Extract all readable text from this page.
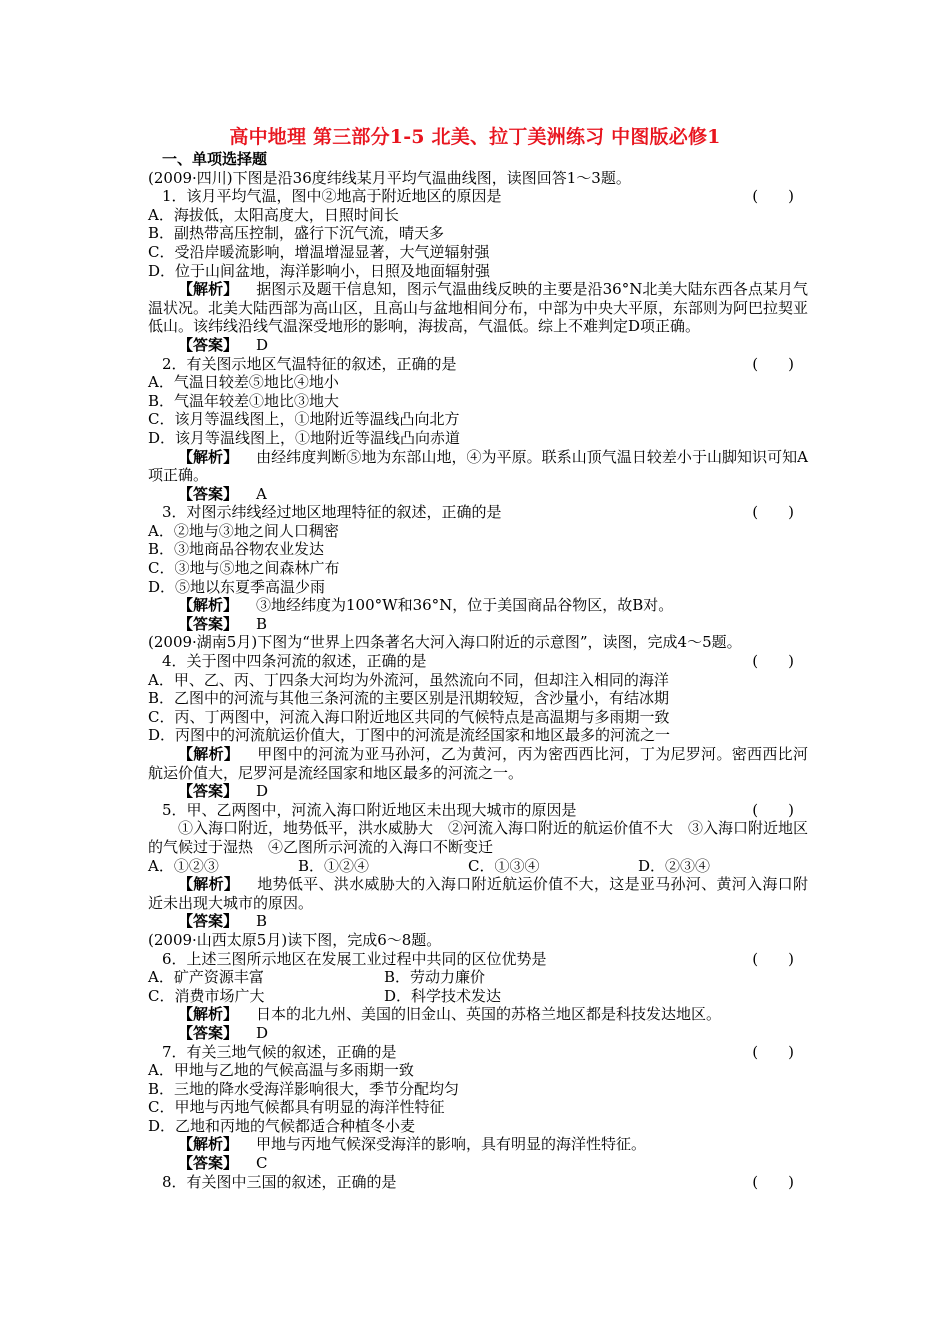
高中地理 第三部分1-5 北美、拉丁美洲练习 中图版必修1
一、单项选择题
(2009·四川)下图是沿36度纬线某月平均气温曲线图，读图回答1～3题。
1．该月平均气温，图中②地高于附近地区的原因是	(　　)
A．海拔低，太阳高度大，日照时间长
B．副热带高压控制，盛行下沉气流，晴天多
C．受沿岸暖流影响，增温增湿显著，大气逆辐射强
D．位于山间盆地，海洋影响小，日照及地面辐射强
【解析】 据图示及题干信息知，图示气温曲线反映的主要是沿36°N北美大陆东西各点某月气温状况。北美大陆西部为高山区，且高山与盆地相间分布，中部为中央大平原，东部则为阿巴拉契亚低山。该纬线沿线气温深受地形的影响，海拔高，气温低。综上不难判定D项正确。
【答案】 D
2．有关图示地区气温特征的叙述，正确的是	(　　)
A．气温日较差⑤地比④地小
B．气温年较差①地比③地大
C．该月等温线图上，①地附近等温线凸向北方
D．该月等温线图上，①地附近等温线凸向赤道
【解析】 由经纬度判断⑤地为东部山地，④为平原。联系山顶气温日较差小于山脚知识可知A项正确。
【答案】 A
3．对图示纬线经过地区地理特征的叙述，正确的是	(　　)
A．②地与③地之间人口稠密
B．③地商品谷物农业发达
C．③地与⑤地之间森林广布
D．⑤地以东夏季高温少雨
【解析】 ③地经纬度为100°W和36°N，位于美国商品谷物区，故B对。
【答案】 B
(2009·湖南5月)下图为“世界上四条著名大河入海口附近的示意图”，读图，完成4～5题。
4．关于图中四条河流的叙述，正确的是	(　　)
A．甲、乙、丙、丁四条大河均为外流河，虽然流向不同，但却注入相同的海洋
B．乙图中的河流与其他三条河流的主要区别是汛期较短，含沙量小，有结冰期
C．丙、丁两图中，河流入海口附近地区共同的气候特点是高温期与多雨期一致
D．丙图中的河流航运价值大，丁图中的河流是流经国家和地区最多的河流之一
【解析】 甲图中的河流为亚马孙河，乙为黄河，丙为密西西比河，丁为尼罗河。密西西比河航运价值大，尼罗河是流经国家和地区最多的河流之一。
【答案】 D
5．甲、乙两图中，河流入海口附近地区未出现大城市的原因是	(　　)
①入海口附近，地势低平，洪水威胁大　②河流入海口附近的航运价值不大　③入海口附近地区的气候过于湿热　④乙图所示河流的入海口不断变迁
A．①②③	B．①②④	C．①③④	D．②③④
【解析】 地势低平、洪水威胁大的入海口附近航运价值不大，这是亚马孙河、黄河入海口附近未出现大城市的原因。
【答案】 B
(2009·山西太原5月)读下图，完成6～8题。
6．上述三图所示地区在发展工业过程中共同的区位优势是	(　　)
A．矿产资源丰富	B．劳动力廉价
C．消费市场广大	D．科学技术发达
【解析】 日本的北九州、美国的旧金山、英国的苏格兰地区都是科技发达地区。
【答案】 D
7．有关三地气候的叙述，正确的是	(　　)
A．甲地与乙地的气候高温与多雨期一致
B．三地的降水受海洋影响很大，季节分配均匀
C．甲地与丙地气候都具有明显的海洋性特征
D．乙地和丙地的气候都适合种植冬小麦
【解析】 甲地与丙地气候深受海洋的影响，具有明显的海洋性特征。
【答案】 C
8．有关图中三国的叙述，正确的是	(　　)
